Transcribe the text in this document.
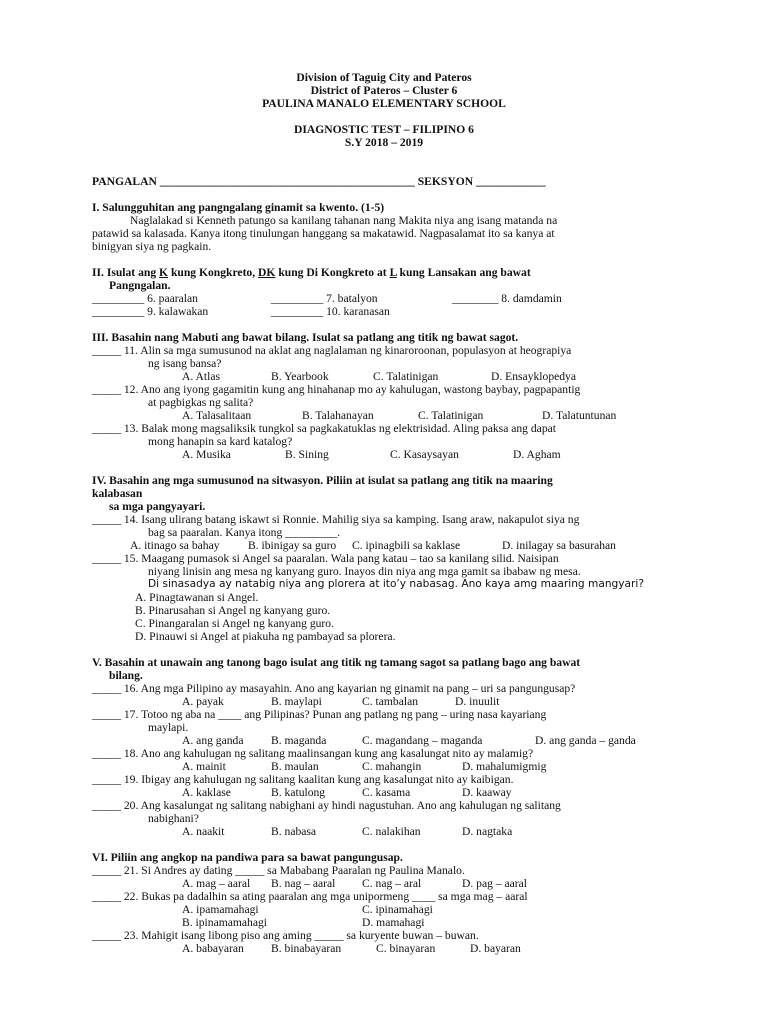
Division of Taguig City and Pateros
District of Pateros – Cluster 6
PAULINA MANALO ELEMENTARY SCHOOL
DIAGNOSTIC TEST – FILIPINO 6
S.Y 2018 – 2019
PANGALAN ____________________________________________ SEKSYON ____________
I. Salungguhitan ang pangngalang ginamit sa kwento. (1-5)
Naglalakad si Kenneth patungo sa kanilang tahanan nang Makita niya ang isang matanda na
patawid sa kalasada. Kanya itong tinulungan hanggang sa makatawid. Nagpasalamat ito sa kanya at
binigyan siya ng pagkain.
II. Isulat ang K kung Kongkreto, DK kung Di Kongkreto at L kung Lansakan ang bawat
Pangngalan.
_________ 6. paaralan	_________ 7. batalyon	________ 8. damdamin
_________ 9. kalawakan	_________ 10. karanasan
III. Basahin nang Mabuti ang bawat bilang. Isulat sa patlang ang titik ng bawat sagot.
_____ 11. Alin sa mga sumusunod na aklat ang naglalaman ng kinaroroonan, populasyon at heograpiya
ng isang bansa?
A. Atlas	B. Yearbook	C. Talatinigan	D. Ensayklopedya
_____ 12. Ano ang iyong gagamitin kung ang hinahanap mo ay kahulugan, wastong baybay, pagpapantig
at pagbigkas ng salita?
A. Talasalitaan	B. Talahanayan	C. Talatinigan	D. Talatuntunan
_____ 13. Balak mong magsaliksik tungkol sa pagkakatuklas ng elektrisidad. Aling paksa ang dapat
mong hanapin sa kard katalog?
A. Musika	B. Sining	C. Kasaysayan	D. Agham
IV. Basahin ang mga sumusunod na sitwasyon. Piliin at isulat sa patlang ang titik na maaring
kalabasan
sa mga pangyayari.
_____ 14. Isang ulirang batang iskawt si Ronnie. Mahilig siya sa kamping. Isang araw, nakapulot siya ng
bag sa paaralan. Kanya itong _________.
A. itinago sa bahay B. ibinigay sa guro C. ipinagbili sa kaklase	D. inilagay sa basurahan
_____ 15. Maagang pumasok si Angel sa paaralan. Wala pang katau – tao sa kanilang silid. Naisipan
niyang linisin ang mesa ng kanyang guro. Inayos din niya ang mga gamit sa ibabaw ng mesa.
Di sinasadya ay natabig niya ang plorera at ito’y nabasag. Ano kaya amg maaring mangyari?
A. Pinagtawanan si Angel.
B. Pinarusahan si Angel ng kanyang guro.
C. Pinangaralan si Angel ng kanyang guro.
D. Pinauwi si Angel at piakuha ng pambayad sa plorera.
V. Basahin at unawain ang tanong bago isulat ang titik ng tamang sagot sa patlang bago ang bawat
bilang.
_____ 16. Ang mga Pilipino ay masayahin. Ano ang kayarian ng ginamit na pang – uri sa pangungusap?
A. payak	B. maylapi	C. tambalan	D. inuulit
_____ 17. Totoo ng aba na ____ ang Pilipinas? Punan ang patlang ng pang – uring nasa kayariang
maylapi.
A. ang ganda B. maganda	C. magandang – maganda	D. ang ganda – ganda
_____ 18. Ano ang kahulugan ng salitang maalinsangan kung ang kasalungat nito ay malamig?
A. mainit	B. maulan	C. mahangin	D. mahalumigmig
_____ 19. Ibigay ang kahulugan ng salitang kaalitan kung ang kasalungat nito ay kaibigan.
A. kaklase	B. katulong	C. kasama	D. kaaway
_____ 20. Ang kasalungat ng salitang nabighani ay hindi nagustuhan. Ano ang kahulugan ng salitang
nabighani?
A. naakit	B. nabasa	C. nalakihan	D. nagtaka
VI. Piliin ang angkop na pandiwa para sa bawat pangungusap.
_____ 21. Si Andres ay dating _____ sa Mababang Paaralan ng Paulina Manalo.
A. mag – aaral B. nag – aaral C. nag – aral	D. pag – aaral
_____ 22. Bukas pa dadalhin sa ating paaralan ang mga unipormeng ____ sa mga mag – aaral
A. ipamamahagi	C. ipinamahagi
B. ipinamamahagi	D. mamahagi
_____ 23. Mahigit isang libong piso ang aming _____ sa kuryente buwan – buwan.
A. babayaran B. binabayaran	C. binayaran	D. bayaran
